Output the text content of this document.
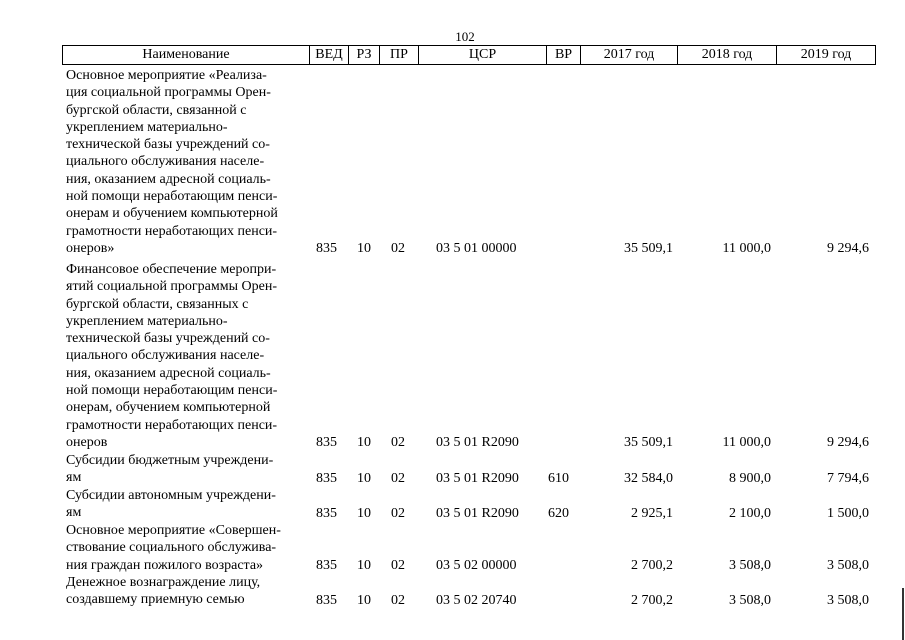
102
Наименование	ВЕД РЗ	ПР	ЦСР	ВР	2017 год	2018 год	2019 год
Основное мероприятие «Реализа-
ция социальной программы Орен-
бургской области, связанной с
укреплением материально-
технической базы учреждений со-
циального обслуживания населе-
ния, оказанием адресной социаль-
ной помощи неработающим пенси-
онерам и обучением компьютерной
грамотности неработающих пенси-
онеров»	835 10 02 03 5 01 00000	35 509,1	11 000,0	9 294,6
Финансовое обеспечение меропри-
ятий социальной программы Орен-
бургской области, связанных с
укреплением материально-
технической базы учреждений со-
циального обслуживания населе-
ния, оказанием адресной социаль-
ной помощи неработающим пенси-
онерам, обучением компьютерной
грамотности неработающих пенси-
онеров	835 10 02 03 5 01 R2090	35 509,1	11 000,0	9 294,6
Субсидии бюджетным учреждени-
ям	835 10 02 03 5 01 R2090 610	32 584,0	8 900,0	7 794,6
Субсидии автономным учреждени-
ям	835 10 02 03 5 01 R2090 620	2 925,1	2 100,0	1 500,0
Основное мероприятие «Совершен-
ствование социального обслужива-
ния граждан пожилого возраста»	835 10 02 03 5 02 00000	2 700,2	3 508,0	3 508,0
Денежное вознаграждение лицу,
создавшему приемную семью	835 10 02 03 5 02 20740	2 700,2	3 508,0	3 508,0
